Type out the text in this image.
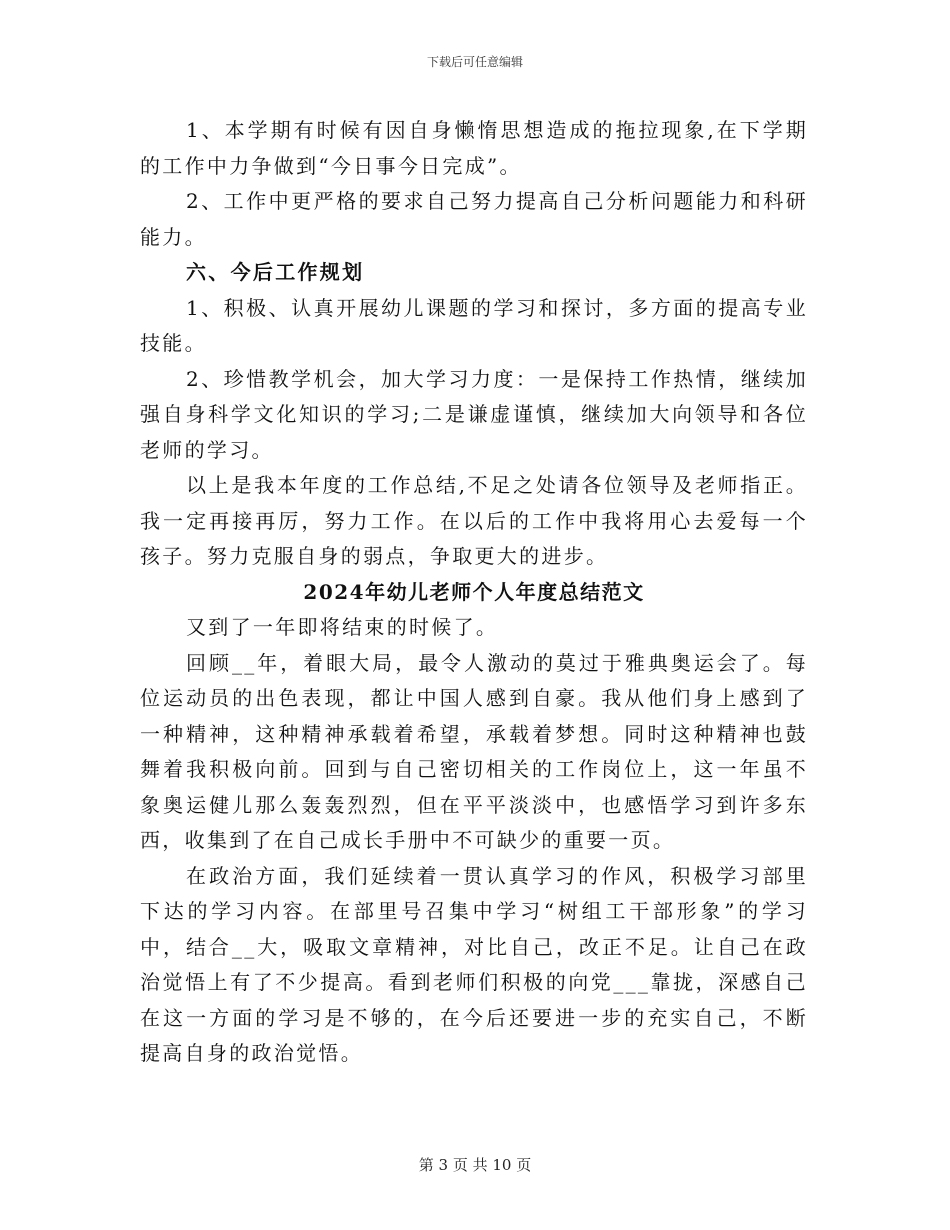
下载后可任意编辑

1、本学期有时候有因自身懒惰思想造成的拖拉现象,在下学期的工作中力争做到“今日事今日完成”。

2、工作中更严格的要求自己努力提高自己分析问题能力和科研能力。

六、今后工作规划

1、积极、认真开展幼儿课题的学习和探讨，多方面的提高专业技能。

2、珍惜教学机会，加大学习力度：一是保持工作热情，继续加强自身科学文化知识的学习;二是谦虚谨慎，继续加大向领导和各位老师的学习。

以上是我本年度的工作总结,不足之处请各位领导及老师指正。我一定再接再厉，努力工作。在以后的工作中我将用心去爱每一个孩子。努力克服自身的弱点，争取更大的进步。

2024年幼儿老师个人年度总结范文

又到了一年即将结束的时候了。

回顾__年，着眼大局，最令人激动的莫过于雅典奥运会了。每位运动员的出色表现，都让中国人感到自豪。我从他们身上感到了一种精神，这种精神承载着希望，承载着梦想。同时这种精神也鼓舞着我积极向前。回到与自己密切相关的工作岗位上，这一年虽不象奥运健儿那么轰轰烈烈，但在平平淡淡中，也感悟学习到许多东西，收集到了在自己成长手册中不可缺少的重要一页。

在政治方面，我们延续着一贯认真学习的作风，积极学习部里下达的学习内容。在部里号召集中学习“树组工干部形象”的学习中，结合__大，吸取文章精神，对比自己，改正不足。让自己在政治觉悟上有了不少提高。看到老师们积极的向党___靠拢，深感自己在这一方面的学习是不够的，在今后还要进一步的充实自己，不断提高自身的政治觉悟。

第 3 页 共 10 页
